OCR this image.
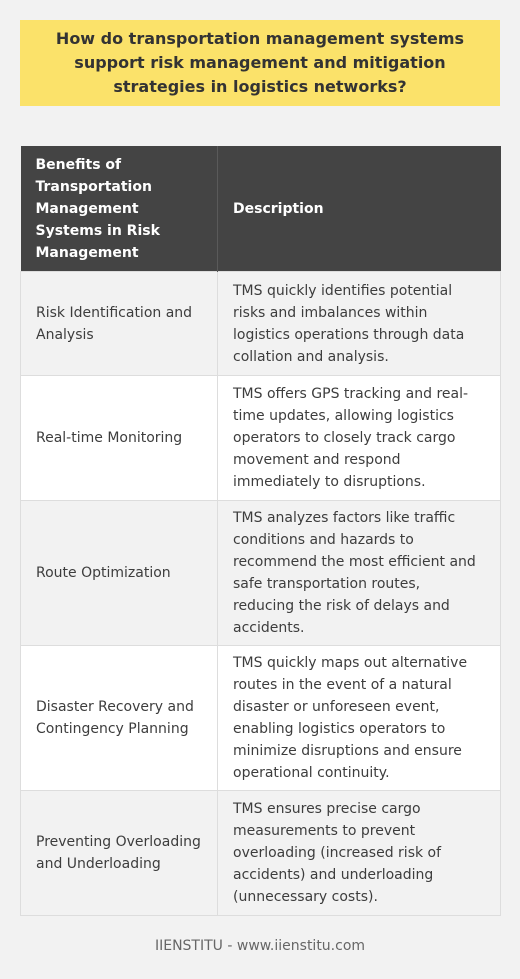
How do transportation management systems support risk management and mitigation strategies in logistics networks?
Benefits of Transportation Management Systems in Risk Management	Description
Risk Identification and Analysis	TMS quickly identifies potential risks and imbalances within logistics operations through data collation and analysis.
Real-time Monitoring	TMS offers GPS tracking and real-time updates, allowing logistics operators to closely track cargo movement and respond immediately to disruptions.
Route Optimization	TMS analyzes factors like traffic conditions and hazards to recommend the most efficient and safe transportation routes, reducing the risk of delays and accidents.
Disaster Recovery and Contingency Planning	TMS quickly maps out alternative routes in the event of a natural disaster or unforeseen event, enabling logistics operators to minimize disruptions and ensure operational continuity.
Preventing Overloading and Underloading	TMS ensures precise cargo measurements to prevent overloading (increased risk of accidents) and underloading (unnecessary costs).
IIENSTITU - www.iienstitu.com
